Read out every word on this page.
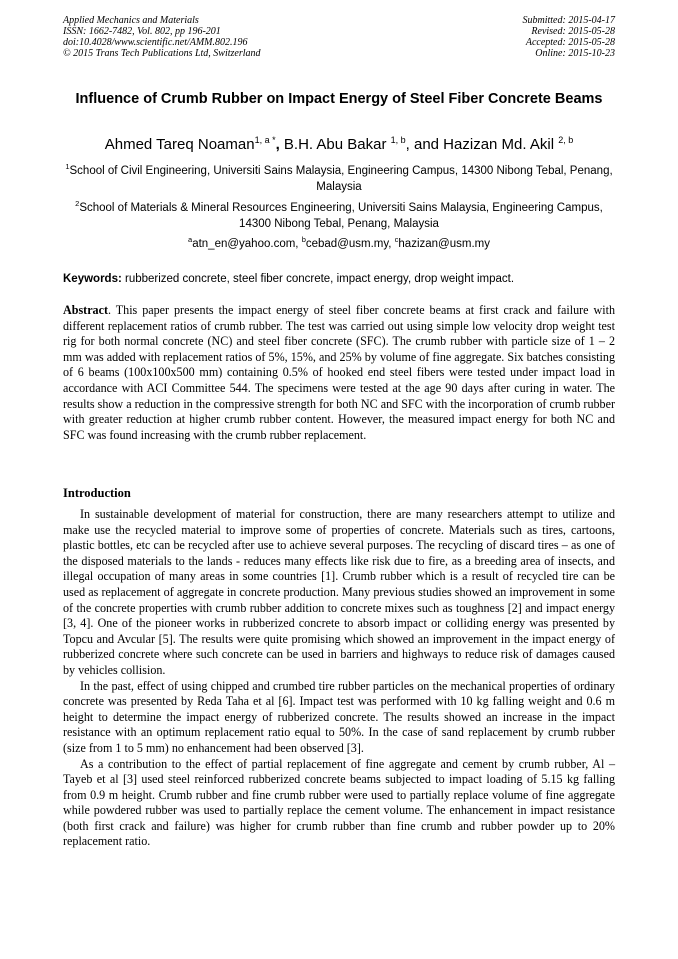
Applied Mechanics and Materials
ISSN: 1662-7482, Vol. 802, pp 196-201
doi:10.4028/www.scientific.net/AMM.802.196
© 2015 Trans Tech Publications Ltd, Switzerland
Submitted: 2015-04-17
Revised: 2015-05-28
Accepted: 2015-05-28
Online: 2015-10-23
Influence of Crumb Rubber on Impact Energy of Steel Fiber Concrete Beams
Ahmed Tareq Noaman$^{1, a *}$, B.H. Abu Bakar $^{1, b}$, and Hazizan Md. Akil $^{2, b}$
$^1$School of Civil Engineering, Universiti Sains Malaysia, Engineering Campus, 14300 Nibong Tebal, Penang, Malaysia
$^2$School of Materials & Mineral Resources Engineering, Universiti Sains Malaysia, Engineering Campus, 14300 Nibong Tebal, Penang, Malaysia
$^a$atn_en@yahoo.com, $^b$cebad@usm.my, $^c$hazizan@usm.my
Keywords: rubberized concrete, steel fiber concrete, impact energy, drop weight impact.
Abstract. This paper presents the impact energy of steel fiber concrete beams at first crack and failure with different replacement ratios of crumb rubber. The test was carried out using simple low velocity drop weight test rig for both normal concrete (NC) and steel fiber concrete (SFC). The crumb rubber with particle size of 1 – 2 mm was added with replacement ratios of 5%, 15%, and 25% by volume of fine aggregate. Six batches consisting of 6 beams (100x100x500 mm) containing 0.5% of hooked end steel fibers were tested under impact load in accordance with ACI Committee 544. The specimens were tested at the age 90 days after curing in water. The results show a reduction in the compressive strength for both NC and SFC with the incorporation of crumb rubber with greater reduction at higher crumb rubber content. However, the measured impact energy for both NC and SFC was found increasing with the crumb rubber replacement.
Introduction

In sustainable development of material for construction, there are many researchers attempt to utilize and make use the recycled material to improve some of properties of concrete. Materials such as tires, cartoons, plastic bottles, etc can be recycled after use to achieve several purposes. The recycling of discard tires – as one of the disposed materials to the lands - reduces many effects like risk due to fire, as a breeding area of insects, and illegal occupation of many areas in some countries [1]. Crumb rubber which is a result of recycled tire can be used as replacement of aggregate in concrete production. Many previous studies showed an improvement in some of the concrete properties with crumb rubber addition to concrete mixes such as toughness [2] and impact energy [3, 4]. One of the pioneer works in rubberized concrete to absorb impact or colliding energy was presented by Topcu and Avcular [5]. The results were quite promising which showed an improvement in the impact energy of rubberized concrete where such concrete can be used in barriers and highways to reduce risk of damages caused by vehicles collision.

In the past, effect of using chipped and crumbed tire rubber particles on the mechanical properties of ordinary concrete was presented by Reda Taha et al [6]. Impact test was performed with 10 kg falling weight and 0.6 m height to determine the impact energy of rubberized concrete. The results showed an increase in the impact resistance with an optimum replacement ratio equal to 50%. In the case of sand replacement by crumb rubber (size from 1 to 5 mm) no enhancement had been observed [3].

As a contribution to the effect of partial replacement of fine aggregate and cement by crumb rubber, Al – Tayeb et al [3] used steel reinforced rubberized concrete beams subjected to impact loading of 5.15 kg falling from 0.9 m height. Crumb rubber and fine crumb rubber were used to partially replace volume of fine aggregate while powdered rubber was used to partially replace the cement volume. The enhancement in impact resistance (both first crack and failure) was higher for crumb rubber than fine crumb and rubber powder up to 20% replacement ratio.
